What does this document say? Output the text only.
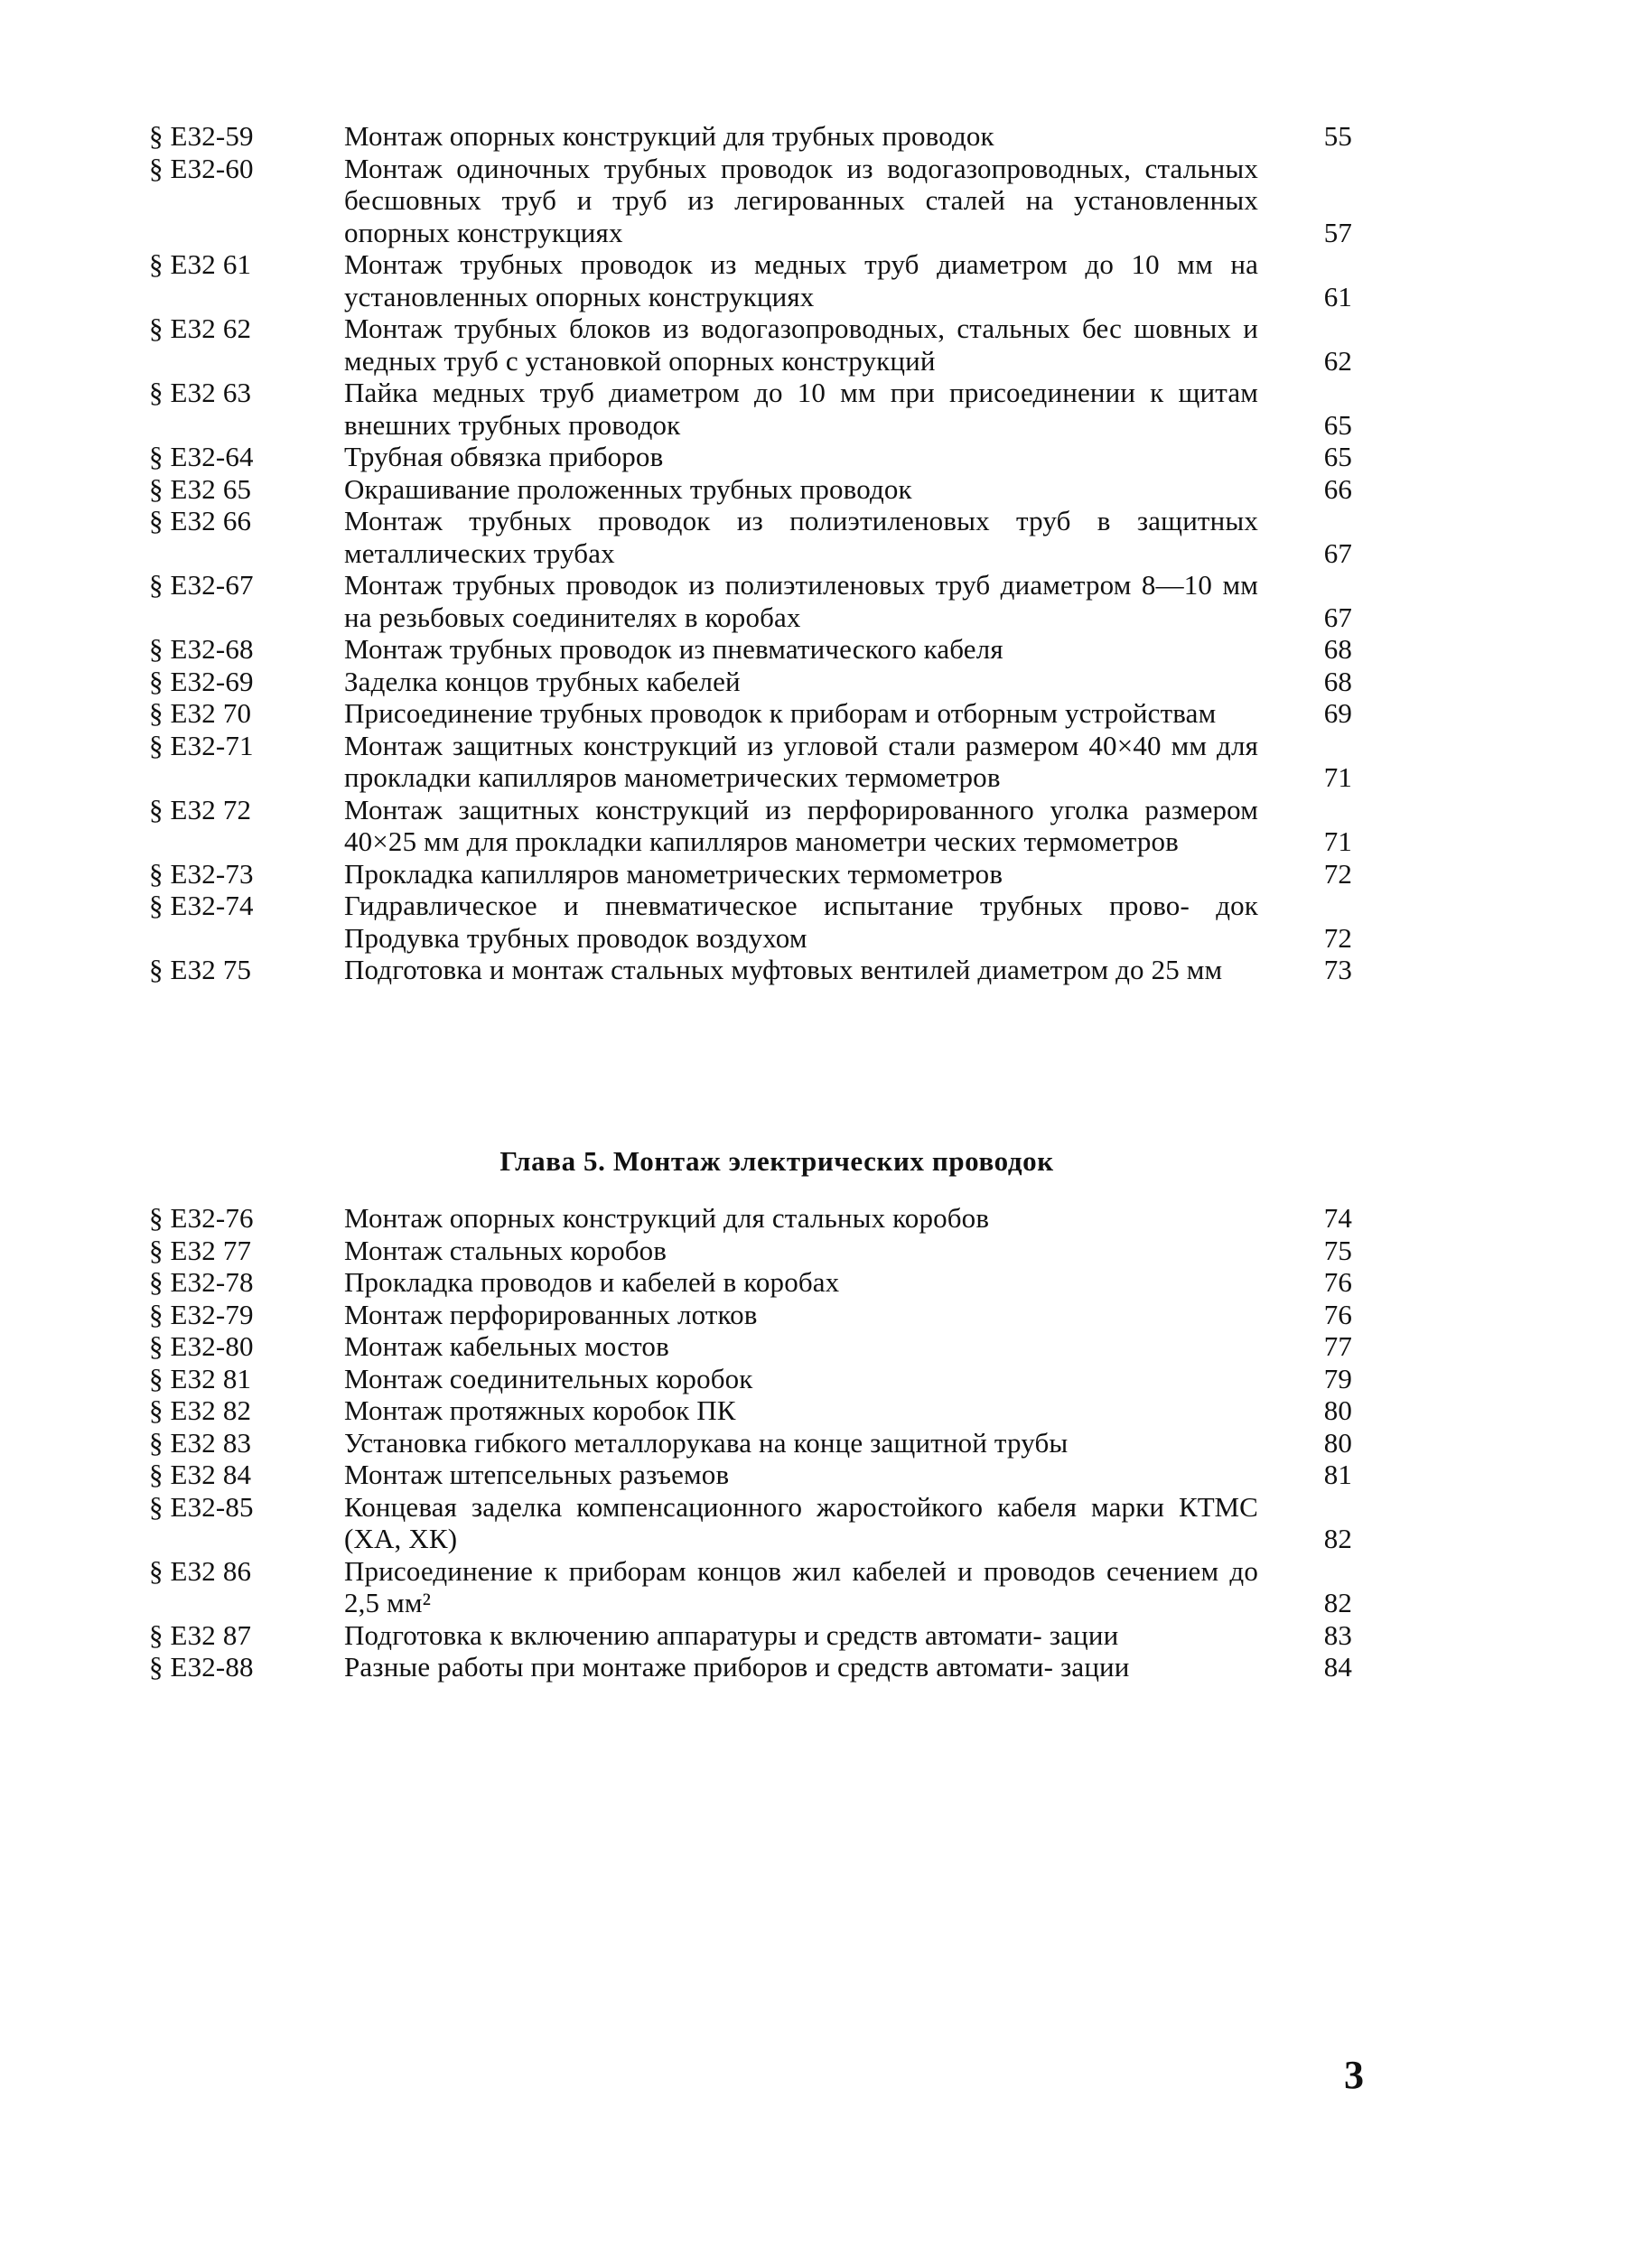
§ Е32-59	Монтаж опорных конструкций для трубных проводок	55
§ Е32-60	Монтаж одиночных трубных проводок из водогазопроводных, стальных бесшовных труб и труб из легированных сталей на установленных опорных конструкциях	57
§ Е32 61	Монтаж трубных проводок из медных труб диаметром до 10 мм на установленных опорных конструкциях	61
§ Е32 62	Монтаж трубных блоков из водогазопроводных, стальных бес шовных и медных труб с установкой опорных конструкций	62
§ Е32 63	Пайка медных труб диаметром до 10 мм при присоединении к щитам внешних трубных проводок	65
§ Е32-64	Трубная обвязка приборов	65
§ Е32 65	Окрашивание проложенных трубных проводок	66
§ Е32 66	Монтаж трубных проводок из полиэтиленовых труб в защитных металлических трубах	67
§ Е32-67	Монтаж трубных проводок из полиэтиленовых труб диаметром 8—10 мм на резьбовых соединителях в коробах	67
§ Е32-68	Монтаж трубных проводок из пневматического кабеля	68
§ Е32-69	Заделка концов трубных кабелей	68
§ Е32 70	Присоединение трубных проводок к приборам и отборным устройствам	69
§ Е32-71	Монтаж защитных конструкций из угловой стали размером 40×40 мм для прокладки капилляров манометрических термометров	71
§ Е32 72	Монтаж защитных конструкций из перфорированного уголка размером 40×25 мм для прокладки капилляров манометри ческих термометров	71
§ Е32-73	Прокладка капилляров манометрических термометров	72
§ Е32-74	Гидравлическое и пневматическое испытание трубных прово- док Продувка трубных проводок воздухом	72
§ Е32 75	Подготовка и монтаж стальных муфтовых вентилей диаметром до 25 мм	73
Глава 5. Монтаж электрических проводок
§ Е32-76	Монтаж опорных конструкций для стальных коробов	74
§ Е32 77	Монтаж стальных коробов	75
§ Е32-78	Прокладка проводов и кабелей в коробах	76
§ Е32-79	Монтаж перфорированных лотков	76
§ Е32-80	Монтаж кабельных мостов	77
§ Е32 81	Монтаж соединительных коробок	79
§ Е32 82	Монтаж протяжных коробок ПК	80
§ Е32 83	Установка гибкого металлорукава на конце защитной трубы	80
§ Е32 84	Монтаж штепсельных разъемов	81
§ Е32-85	Концевая заделка компенсационного жаростойкого кабеля марки КТМС (ХА, ХК)	82
§ Е32 86	Присоединение к приборам концов жил кабелей и проводов сечением до 2,5 мм²	82
§ Е32 87	Подготовка к включению аппаратуры и средств автомати- зации	83
§ Е32-88	Разные работы при монтаже приборов и средств автомати- зации	84
3
